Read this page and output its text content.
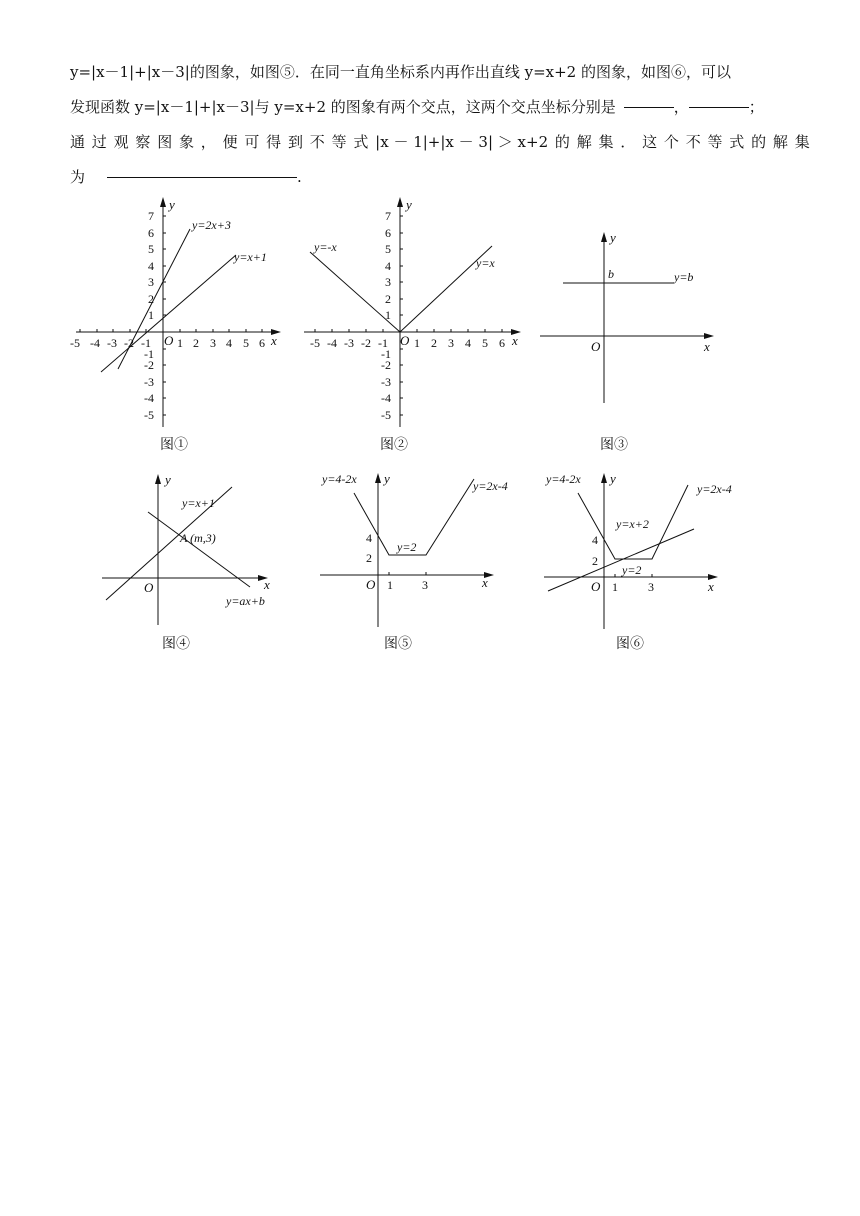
y=|x－1|+|x－3|的图象，如图⑤．在同一直角坐标系内再作出直线 y=x+2 的图象，如图⑥，可以
发现函数 y=|x－1|+|x－3|与 y=x+2 的图象有两个交点，这两个交点坐标分别是	，	；
通 过 观 察 图 象 ， 便 可 得 到 不 等 式 |x － 1|+|x － 3| ＞ x+2 的 解 集 ． 这 个 不 等 式 的 解 集
为	.
y
x
O
-5 -4 -3 -2 -1 1 2 3 4 5 6
7
6
5
4
3
2
1
-1
-2
-3
-4
-5
y=2x+3
y=x+1
图①
y
x
O
-5 -4 -3 -2 -1 1 2 3 4 5 6
7
6
5
4
3
2
1
-1
-2
-3
-4
-5
y=-x
y=x
图②
y
x
O
b	y=b
图③
y
x
O
y=x+1
A (m,3)
y=ax+b
图④
y
x
O
y=4-2x
y=2
y=2x-4
4
2
1 3
图⑤
y
x
O
y=4-2x
y=x+2
y=2
y=2x-4
4
2
1	3
图⑥
